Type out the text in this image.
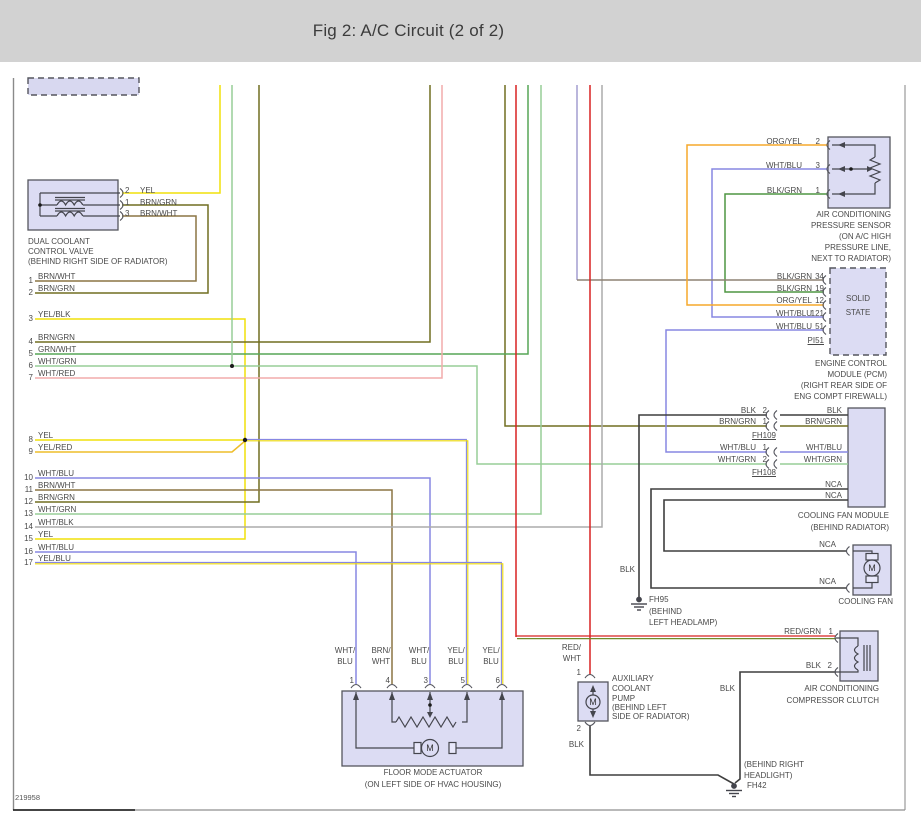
Fig 2: A/C Circuit (2 of 2)
1 BRN/WHT
2 BRN/GRN
3 YEL/BLK
4 BRN/GRN
5 GRN/WHT
6 WHT/GRN
7 WHT/RED
8 YEL
9 YEL/RED
10 WHT/BLU
11 BRN/WHT
12 BRN/GRN
13 WHT/GRN
14 WHT/BLK
15 YEL
16 WHT/BLU
17 YEL/BLU
2 YEL
1 BRN/GRN
3 BRN/WHT
DUAL COOLANT
CONTROL VALVE
(BEHIND RIGHT SIDE OF RADIATOR)
ORG/YEL	2
WHT/BLU	3
BLK/GRN	1
AIR CONDITIONING
PRESSURE SENSOR
(ON A/C HIGH
PRESSURE LINE,
NEXT TO RADIATOR)
BLK/GRN 34
BLK/GRN 19
ORG/YEL 12
WHT/BLU
121
WHT/BLU 51
SOLID
STATE
PI51
ENGINE CONTROL
MODULE (PCM)
(RIGHT REAR SIDE OF
ENG COMPT FIREWALL)
BLK 2	BLK
BRN/GRN 1	BRN/GRN
FH109
WHT/BLU 1	WHT/BLU
WHT/GRN 2	WHT/GRN
FH108
NCA
NCA
COOLING FAN MODULE
(BEHIND RADIATOR)
NCA
NCA
M
COOLING FAN
BLK
FH95
(BEHIND
LEFT HEADLAMP)
RED/GRN 1
BLK 2
BLK	AIR CONDITIONING
COMPRESSOR CLUTCH
(BEHIND RIGHT
HEADLIGHT)
FH42
RED/
WHT
1
2
BLK
M
AUXILIARY
COOLANT
PUMP
(BEHIND LEFT
SIDE OF RADIATOR)
WHT/
BLU
1
BRN/
WHT
4
WHT/
BLU
3
YEL/
BLU
5
YEL/
BLU
6
M
FLOOR MODE ACTUATOR
(ON LEFT SIDE OF HVAC HOUSING)
219958
